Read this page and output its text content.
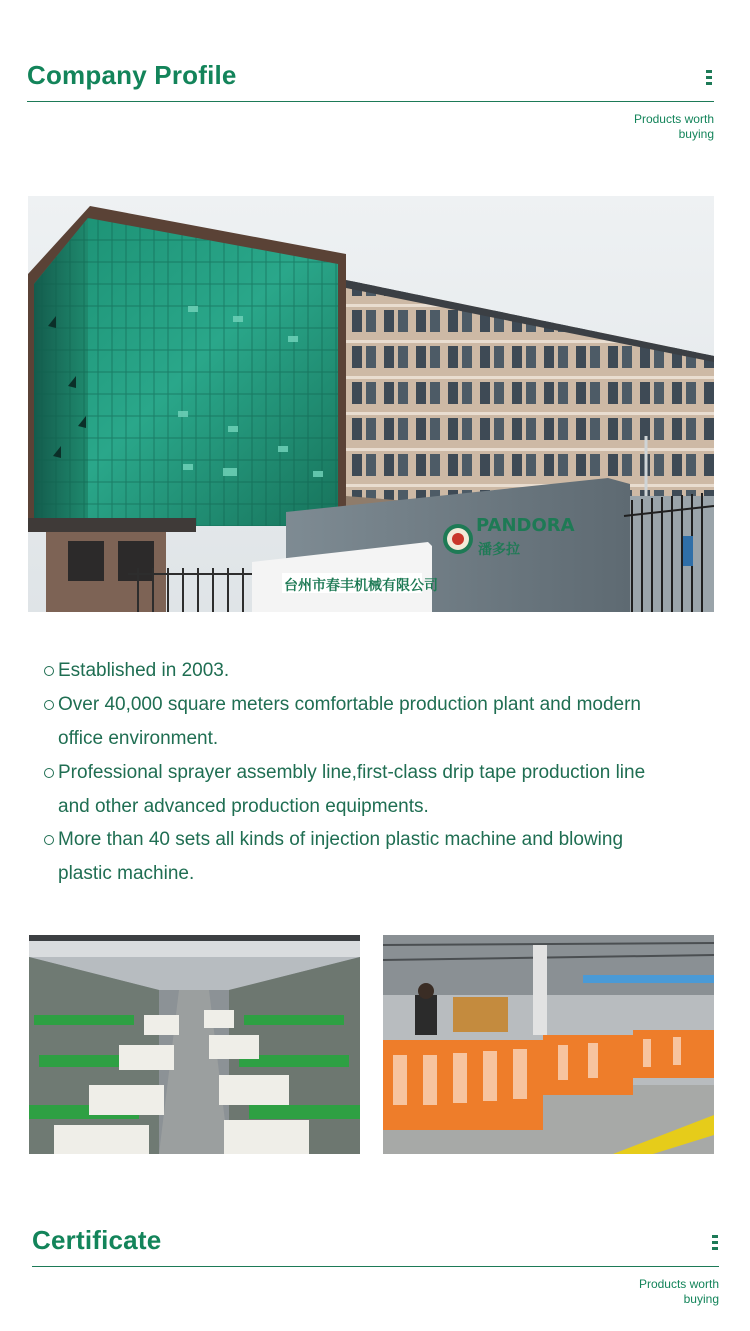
Company Profile
Products worth
buying
台州市春丰机械有限公司
PANDORA
潘多拉
Established in 2003.
Over 40,000 square meters comfortable production plant and modern
office environment.
Professional sprayer assembly line,first-class drip tape production line
and other advanced production equipments.
More than 40 sets all kinds of injection plastic machine and blowing
plastic machine.
Certificate
Products worth
buying
